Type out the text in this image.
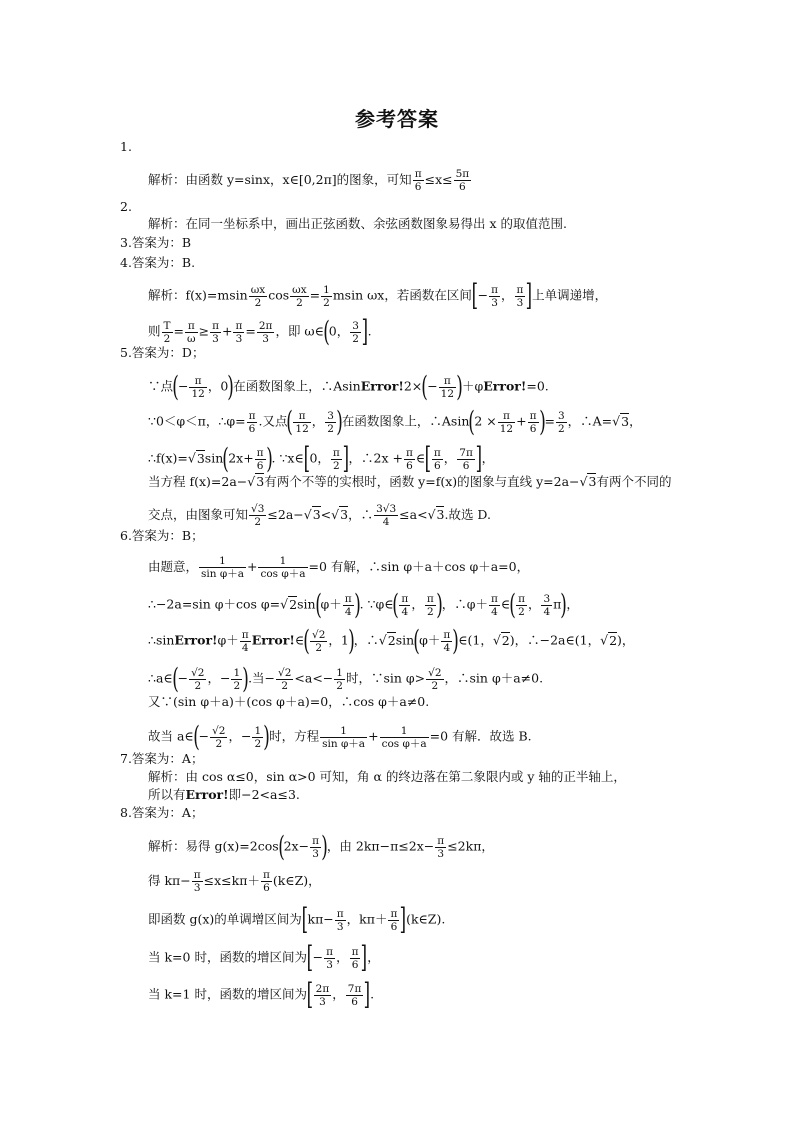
参考答案
1.
解析：由函数 y=sinx，x∈[0,2π]的图象，可知 $\frac{\pi}{6} \le x\le \frac{5\pi}{6}$
2.
解析：在同一坐标系中，画出正弦函数、余弦函数图象易得出 x 的取值范围.
3.答案为：B
4.答案为：B.
解析：$f(x)=msin \frac{\omega x}{2}$ $\cos \frac{\omega x}{2} = \frac{1}{2}$ msin ωx，若函数在区间[− $\frac{\pi}{3}$ ， $\frac{\pi}{3}$ ]上单调递增，
则 $\frac{T}{2} = \frac{\pi}{\omega} \ge \frac{\pi}{3} + \frac{\pi}{3} = \frac{2\pi}{3}$ ，即 ω∈(0， $\frac{3}{2}$ ].
5.答案为：D；
∵点(− $\frac{\pi}{12}$ ，0)在函数图象上，∴AsinError!2×(− $\frac{\pi}{12}$ )＋φError!=0.
∵0＜φ＜π，∴φ= $\frac{\pi}{6}$ .又点( $\frac{\pi}{12}$ ， $\frac{3}{2}$ )在函数图象上，∴Asin(2 × $\frac{\pi}{12} + \frac{\pi}{6}$ )= $\frac{3}{2}$ ，∴A=√3，
∴f(x)=√3sin(2x+ $\frac{\pi}{6}$ ). ∵x∈[0， $\frac{\pi}{2}$ ]，∴2x + $\frac{\pi}{6}$ ∈[ $\frac{\pi}{6}$ ， $\frac{7\pi}{6}$ ]，
当方程 f(x)=2a−√3有两个不等的实根时，函数 y=f(x)的图象与直线 y=2a−√3有两个不同的
交点，由图象可知 $\frac{√3}{2} \le 2a-√3<√3$，∴ $\frac{3√3}{4} \le a<√3$.故选 D.
6.答案为：B；
由题意， $\frac{1}{\text{sin φ＋a}} + \frac{1}{\text{cos φ＋a}} =0$ 有解，∴sin φ＋a＋cos φ＋a=0，
∴−2a=sin φ＋cos $\varphi=√2\sin(\varphi+ \frac{\pi}{4}$ ). ∵φ∈( $\frac{\pi}{4}$ ， $\frac{\pi}{2}$ )，∴φ＋ $\frac{\pi}{4}$ ∈( $\frac{\pi}{2}$ ， $\frac{3}{4} \pi$)，
∴sinError!φ＋ $\frac{\pi}{4}$ Error!∈( $\frac{√2}{2}$ ，1)，∴√2sin(φ＋ $\frac{\pi}{4}$ )∈(1，√2)，∴−2a∈(1，√2)，
∴a∈(− $\frac{√2}{2}$ ，− $\frac{1}{2}$ ).当− $\frac{√2}{2} <a<- \frac{1}{2}$ 时，∵sin $\varphi> \frac{√2}{2}$ ，∴sin φ＋a≠0.
又∵(sin φ＋a)＋(cos φ＋a)=0，∴cos φ＋a≠0.
故当 a∈(− $\frac{√2}{2}$ ，− $\frac{1}{2}$ )时，方程 $\frac{1}{\text{sin φ＋a}} + \frac{1}{\text{cos φ＋a}} =0$ 有解．故选 B.
7.答案为：A；
解析：由 cos α≤0，sin α>0 可知，角 α 的终边落在第二象限内或 y 轴的正半轴上，
所以有Error!即−2<a≤3.
8.答案为：A；
解析：易得 $g(x)=2\cos(2x- \frac{\pi}{3}$ )，由 $2k\pi-\pi\le 2x- \frac{\pi}{3} \le 2k\pi$，
得 $k\pi- \frac{\pi}{3} \le x\le k\pi+ \frac{\pi}{6}$ (k∈Z)，
即函数 g(x)的单调增区间为[$k\pi- \frac{\pi}{3}$ ，$k\pi+ \frac{\pi}{6}$ ](k∈Z).
当 k=0 时，函数的增区间为[− $\frac{\pi}{3}$ ， $\frac{\pi}{6}$ ]，
当 k=1 时，函数的增区间为[ $\frac{2\pi}{3}$ ， $\frac{7\pi}{6}$ ].
